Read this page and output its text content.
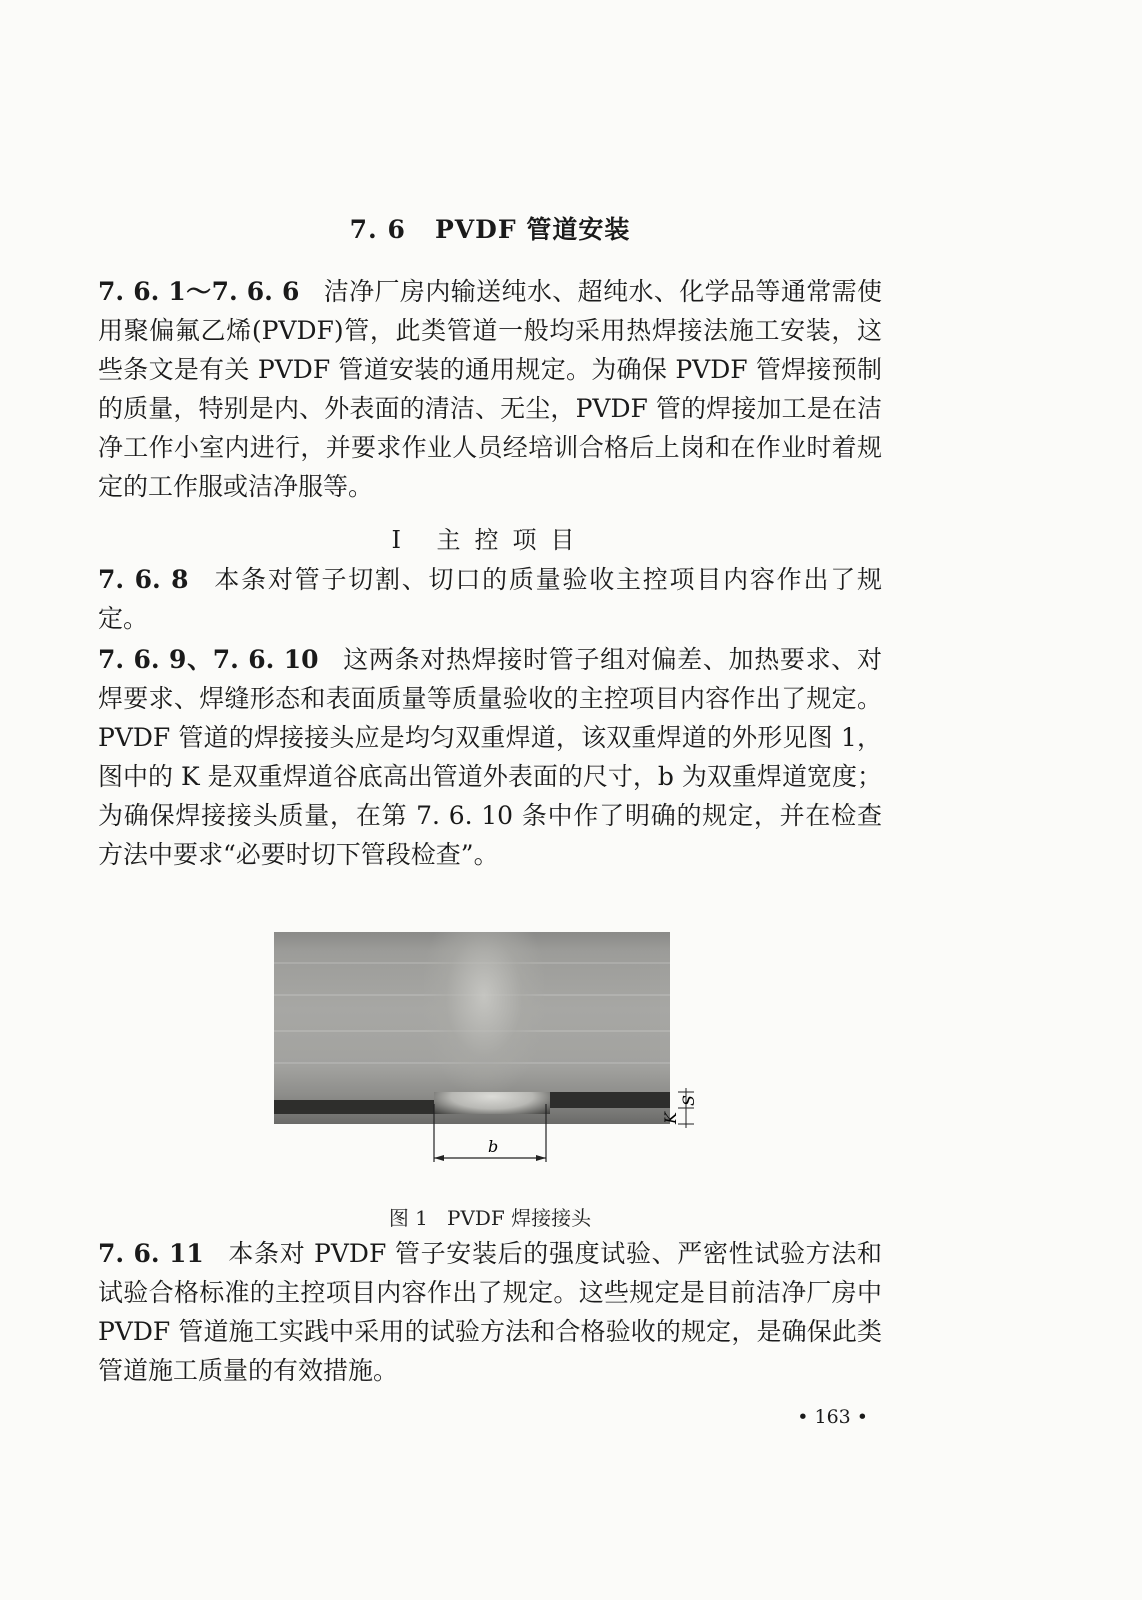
7. 6 PVDF 管道安装
7. 6. 1～7. 6. 6 洁净厂房内输送纯水、超纯水、化学品等通常需使用聚偏氟乙烯(PVDF)管，此类管道一般均采用热焊接法施工安装，这些条文是有关 PVDF 管道安装的通用规定。为确保 PVDF 管焊接预制的质量，特别是内、外表面的清洁、无尘，PVDF 管的焊接加工是在洁净工作小室内进行，并要求作业人员经培训合格后上岗和在作业时着规定的工作服或洁净服等。
Ⅰ 主控项目
7. 6. 8 本条对管子切割、切口的质量验收主控项目内容作出了规定。
7. 6. 9、7. 6. 10 这两条对热焊接时管子组对偏差、加热要求、对焊要求、焊缝形态和表面质量等质量验收的主控项目内容作出了规定。PVDF 管道的焊接接头应是均匀双重焊道，该双重焊道的外形见图 1，图中的 K 是双重焊道谷底高出管道外表面的尺寸，b 为双重焊道宽度；为确保焊接接头质量，在第 7. 6. 10 条中作了明确的规定，并在检查方法中要求“必要时切下管段检查”。
b
K
S
图 1 PVDF 焊接接头
7. 6. 11 本条对 PVDF 管子安装后的强度试验、严密性试验方法和试验合格标准的主控项目内容作出了规定。这些规定是目前洁净厂房中 PVDF 管道施工实践中采用的试验方法和合格验收的规定，是确保此类管道施工质量的有效措施。
• 163 •
